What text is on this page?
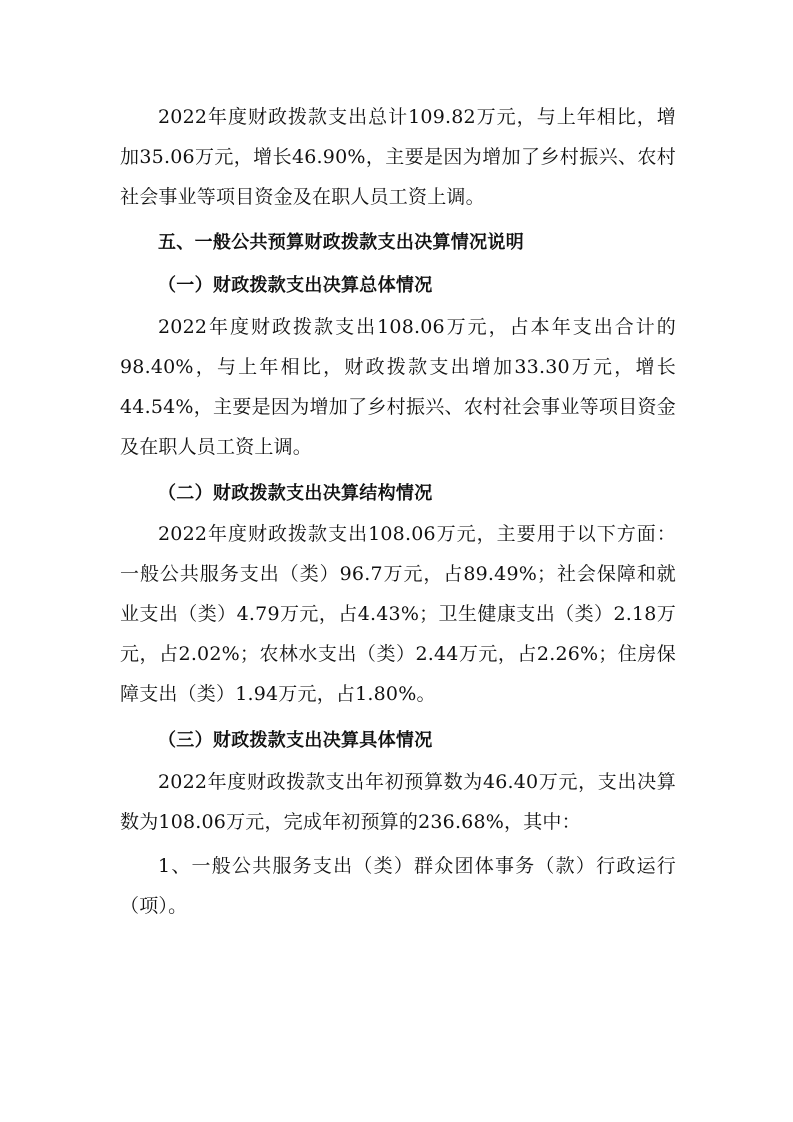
2022年度财政拨款支出总计109.82万元，与上年相比，增加35.06万元，增长46.90%，主要是因为增加了乡村振兴、农村社会事业等项目资金及在职人员工资上调。

五、一般公共预算财政拨款支出决算情况说明
（一）财政拨款支出决算总体情况

2022年度财政拨款支出108.06万元，占本年支出合计的98.40%，与上年相比，财政拨款支出增加33.30万元，增长44.54%，主要是因为增加了乡村振兴、农村社会事业等项目资金及在职人员工资上调。

（二）财政拨款支出决算结构情况

2022年度财政拨款支出108.06万元，主要用于以下方面：一般公共服务支出（类）96.7万元，占89.49%；社会保障和就业支出（类）4.79万元，占4.43%；卫生健康支出（类）2.18万元，占2.02%；农林水支出（类）2.44万元，占2.26%；住房保障支出（类）1.94万元，占1.80%。

（三）财政拨款支出决算具体情况

2022年度财政拨款支出年初预算数为46.40万元，支出决算数为108.06万元，完成年初预算的236.68%，其中：

1、一般公共服务支出（类）群众团体事务（款）行政运行（项）。
